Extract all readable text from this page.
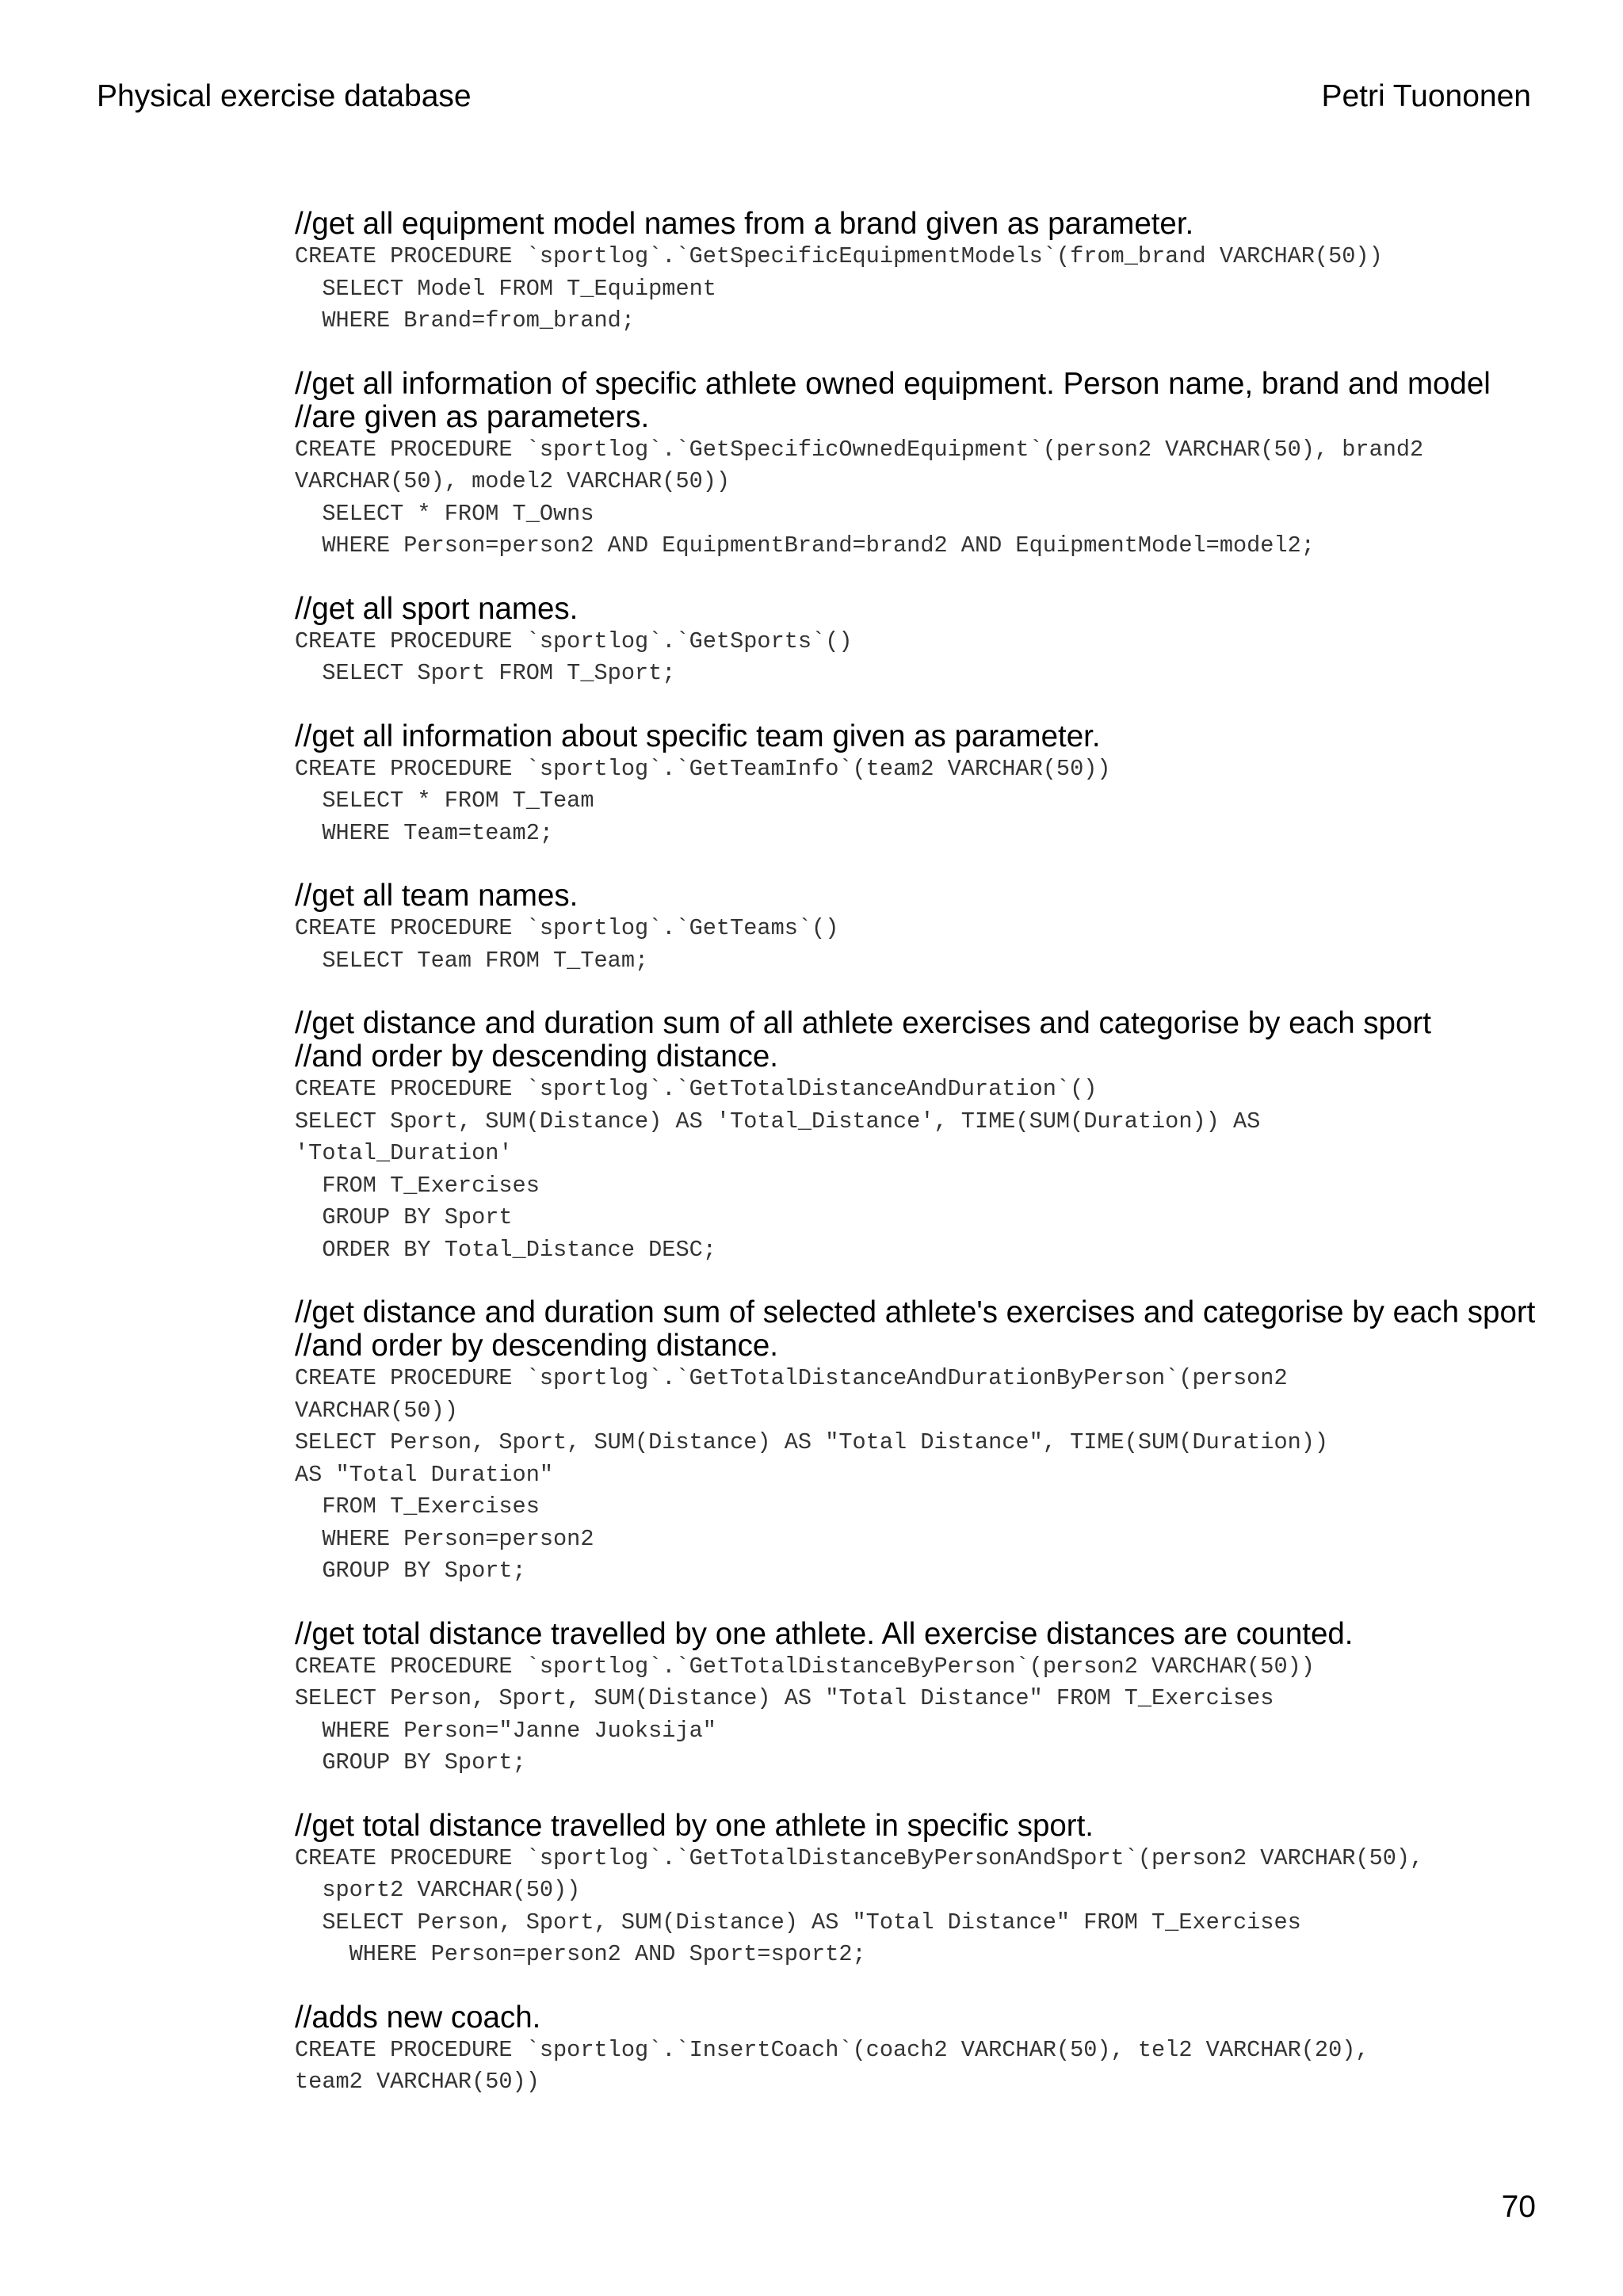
Physical exercise database	Petri Tuononen
//get all equipment model names from a brand given as parameter.
CREATE PROCEDURE `sportlog`.`GetSpecificEquipmentModels`(from_brand VARCHAR(50))
SELECT Model FROM T_Equipment
WHERE Brand=from_brand;
//get all information of specific athlete owned equipment. Person name, brand and model
//are given as parameters.
CREATE PROCEDURE `sportlog`.`GetSpecificOwnedEquipment`(person2 VARCHAR(50), brand2
VARCHAR(50), model2 VARCHAR(50))
SELECT * FROM T_Owns
WHERE Person=person2 AND EquipmentBrand=brand2 AND EquipmentModel=model2;
//get all sport names.
CREATE PROCEDURE `sportlog`.`GetSports`()
SELECT Sport FROM T_Sport;
//get all information about specific team given as parameter.
CREATE PROCEDURE `sportlog`.`GetTeamInfo`(team2 VARCHAR(50))
SELECT * FROM T_Team
WHERE Team=team2;
//get all team names.
CREATE PROCEDURE `sportlog`.`GetTeams`()
SELECT Team FROM T_Team;
//get distance and duration sum of all athlete exercises and categorise by each sport
//and order by descending distance.
CREATE PROCEDURE `sportlog`.`GetTotalDistanceAndDuration`()
SELECT Sport, SUM(Distance) AS 'Total_Distance', TIME(SUM(Duration)) AS
'Total_Duration'
FROM T_Exercises
GROUP BY Sport
ORDER BY Total_Distance DESC;
//get distance and duration sum of selected athlete's exercises and categorise by each sport
//and order by descending distance.
CREATE PROCEDURE `sportlog`.`GetTotalDistanceAndDurationByPerson`(person2
VARCHAR(50))
SELECT Person, Sport, SUM(Distance) AS "Total Distance", TIME(SUM(Duration))
AS "Total Duration"
FROM T_Exercises
WHERE Person=person2
GROUP BY Sport;
//get total distance travelled by one athlete. All exercise distances are counted.
CREATE PROCEDURE `sportlog`.`GetTotalDistanceByPerson`(person2 VARCHAR(50))
SELECT Person, Sport, SUM(Distance) AS "Total Distance" FROM T_Exercises
WHERE Person="Janne Juoksija"
GROUP BY Sport;
//get total distance travelled by one athlete in specific sport.
CREATE PROCEDURE `sportlog`.`GetTotalDistanceByPersonAndSport`(person2 VARCHAR(50),
sport2 VARCHAR(50))
SELECT Person, Sport, SUM(Distance) AS "Total Distance" FROM T_Exercises
WHERE Person=person2 AND Sport=sport2;
//adds new coach.
CREATE PROCEDURE `sportlog`.`InsertCoach`(coach2 VARCHAR(50), tel2 VARCHAR(20),
team2 VARCHAR(50))
70
